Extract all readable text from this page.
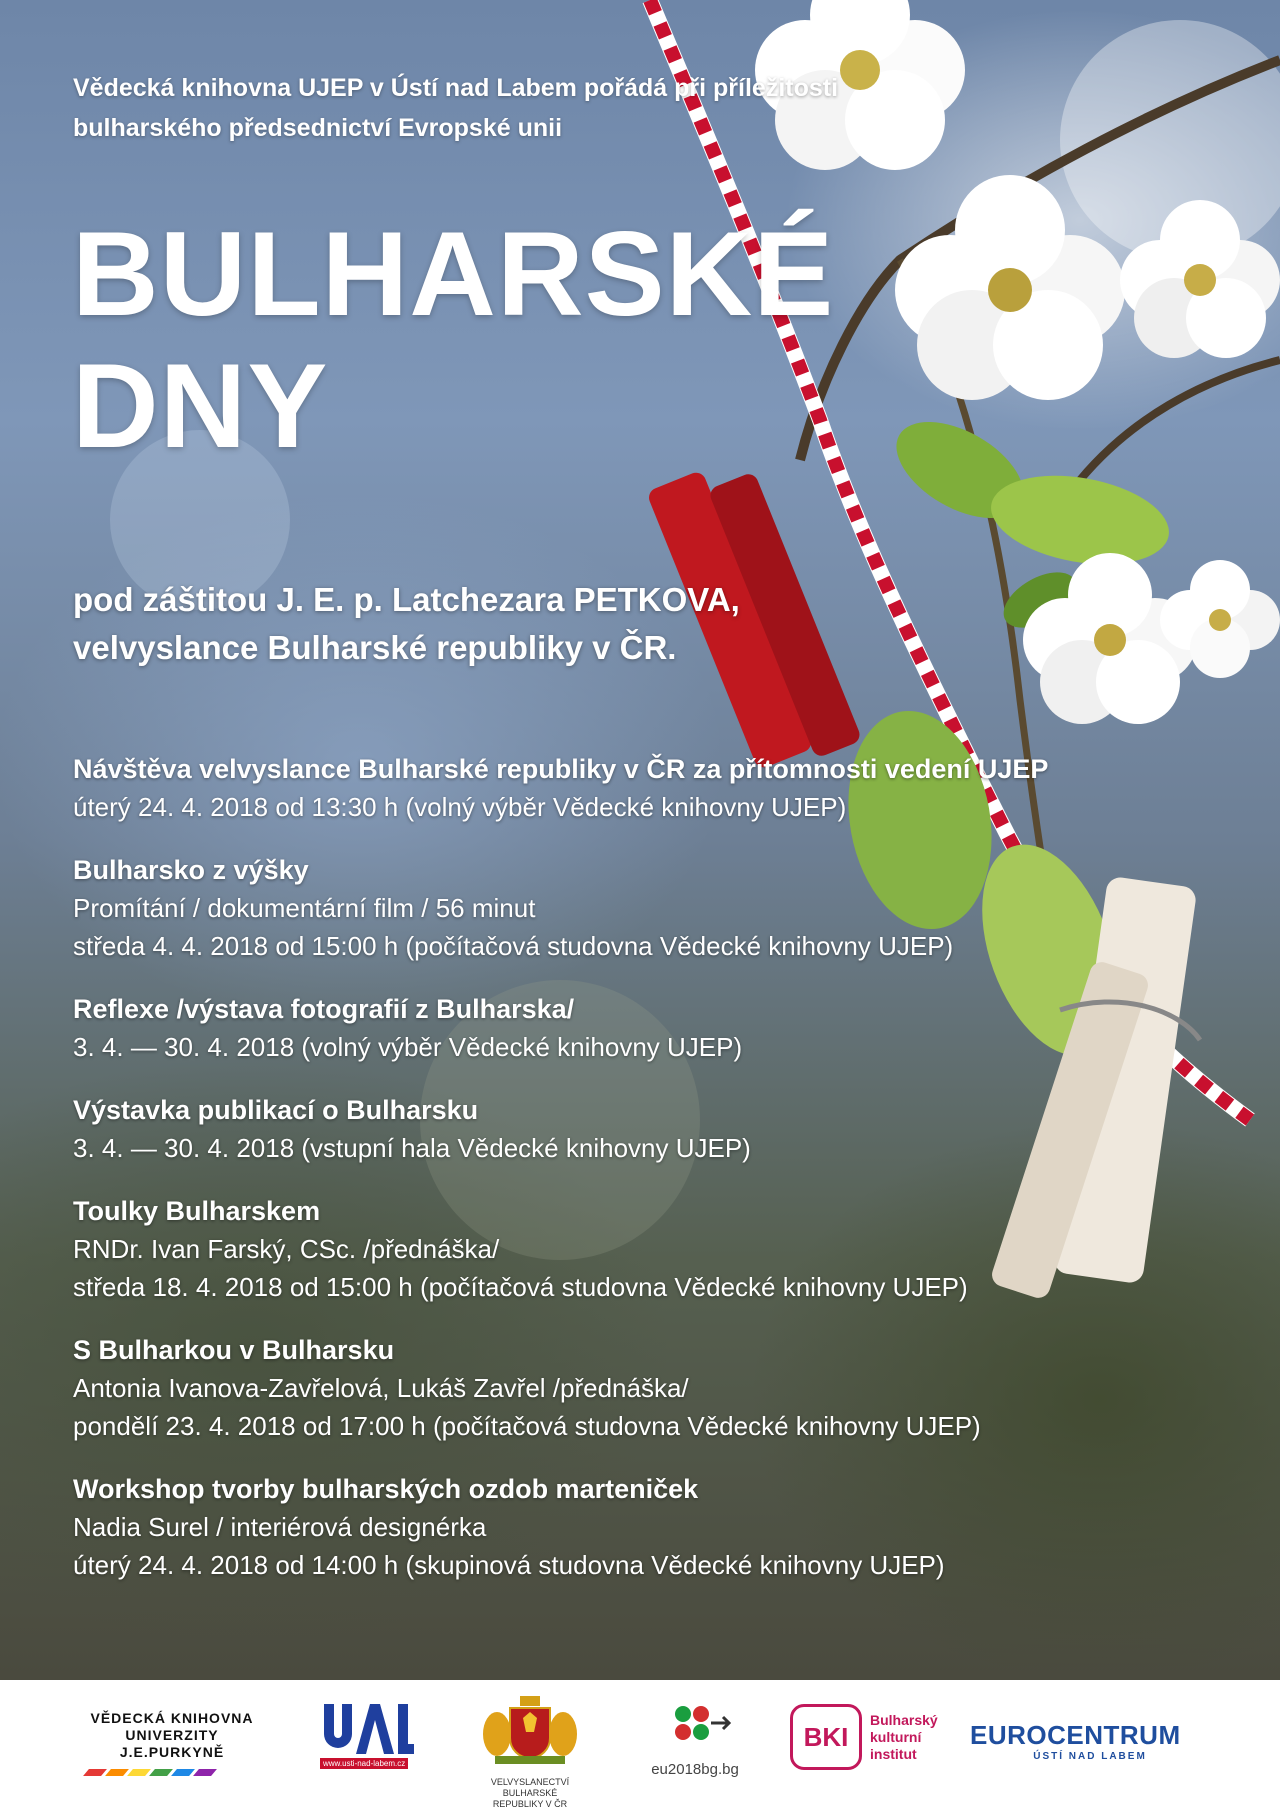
Vědecká knihovna UJEP v Ústí nad Labem pořádá při příležitosti
bulharského předsednictví Evropské unii

BULHARSKÉ
DNY

pod záštitou J. E. p. Latchezara PETKOVA,
velvyslance Bulharské republiky v ČR.

Návštěva velvyslance Bulharské republiky v ČR za přítomnosti vedení UJEP
úterý 24. 4. 2018 od 13:30 h (volný výběr Vědecké knihovny UJEP)
Bulharsko z výšky
Promítání / dokumentární film / 56 minut
středa 4. 4. 2018 od 15:00 h (počítačová studovna Vědecké knihovny UJEP)
Reflexe /výstava fotografií z Bulharska/
3. 4. — 30. 4. 2018 (volný výběr Vědecké knihovny UJEP)
Výstavka publikací o Bulharsku
3. 4. — 30. 4. 2018 (vstupní hala Vědecké knihovny UJEP)
Toulky Bulharskem
RNDr. Ivan Farský, CSc. /přednáška/
středa 18. 4. 2018 od 15:00 h (počítačová studovna Vědecké knihovny UJEP)
S Bulharkou v Bulharsku
Antonia Ivanova-Zavřelová, Lukáš Zavřel /přednáška/
pondělí 23. 4. 2018 od 17:00 h (počítačová studovna Vědecké knihovny UJEP)
Workshop tvorby bulharských ozdob marteniček
Nadia Surel / interiérová designérka
úterý 24. 4. 2018 od 14:00 h (skupinová studovna Vědecké knihovny UJEP)
VĚDECKÁ KNIHOVNA
UNIVERZITY J.E.PURKYNĚ
www.usti-nad-labem.cz
VELVYSLANECTVÍ BULHARSKÉ
REPUBLIKY V ČR
eu2018bg.bg
BKI
Bulharský
kulturní
institut
EUROCENTRUM
ÚSTÍ NAD LABEM
